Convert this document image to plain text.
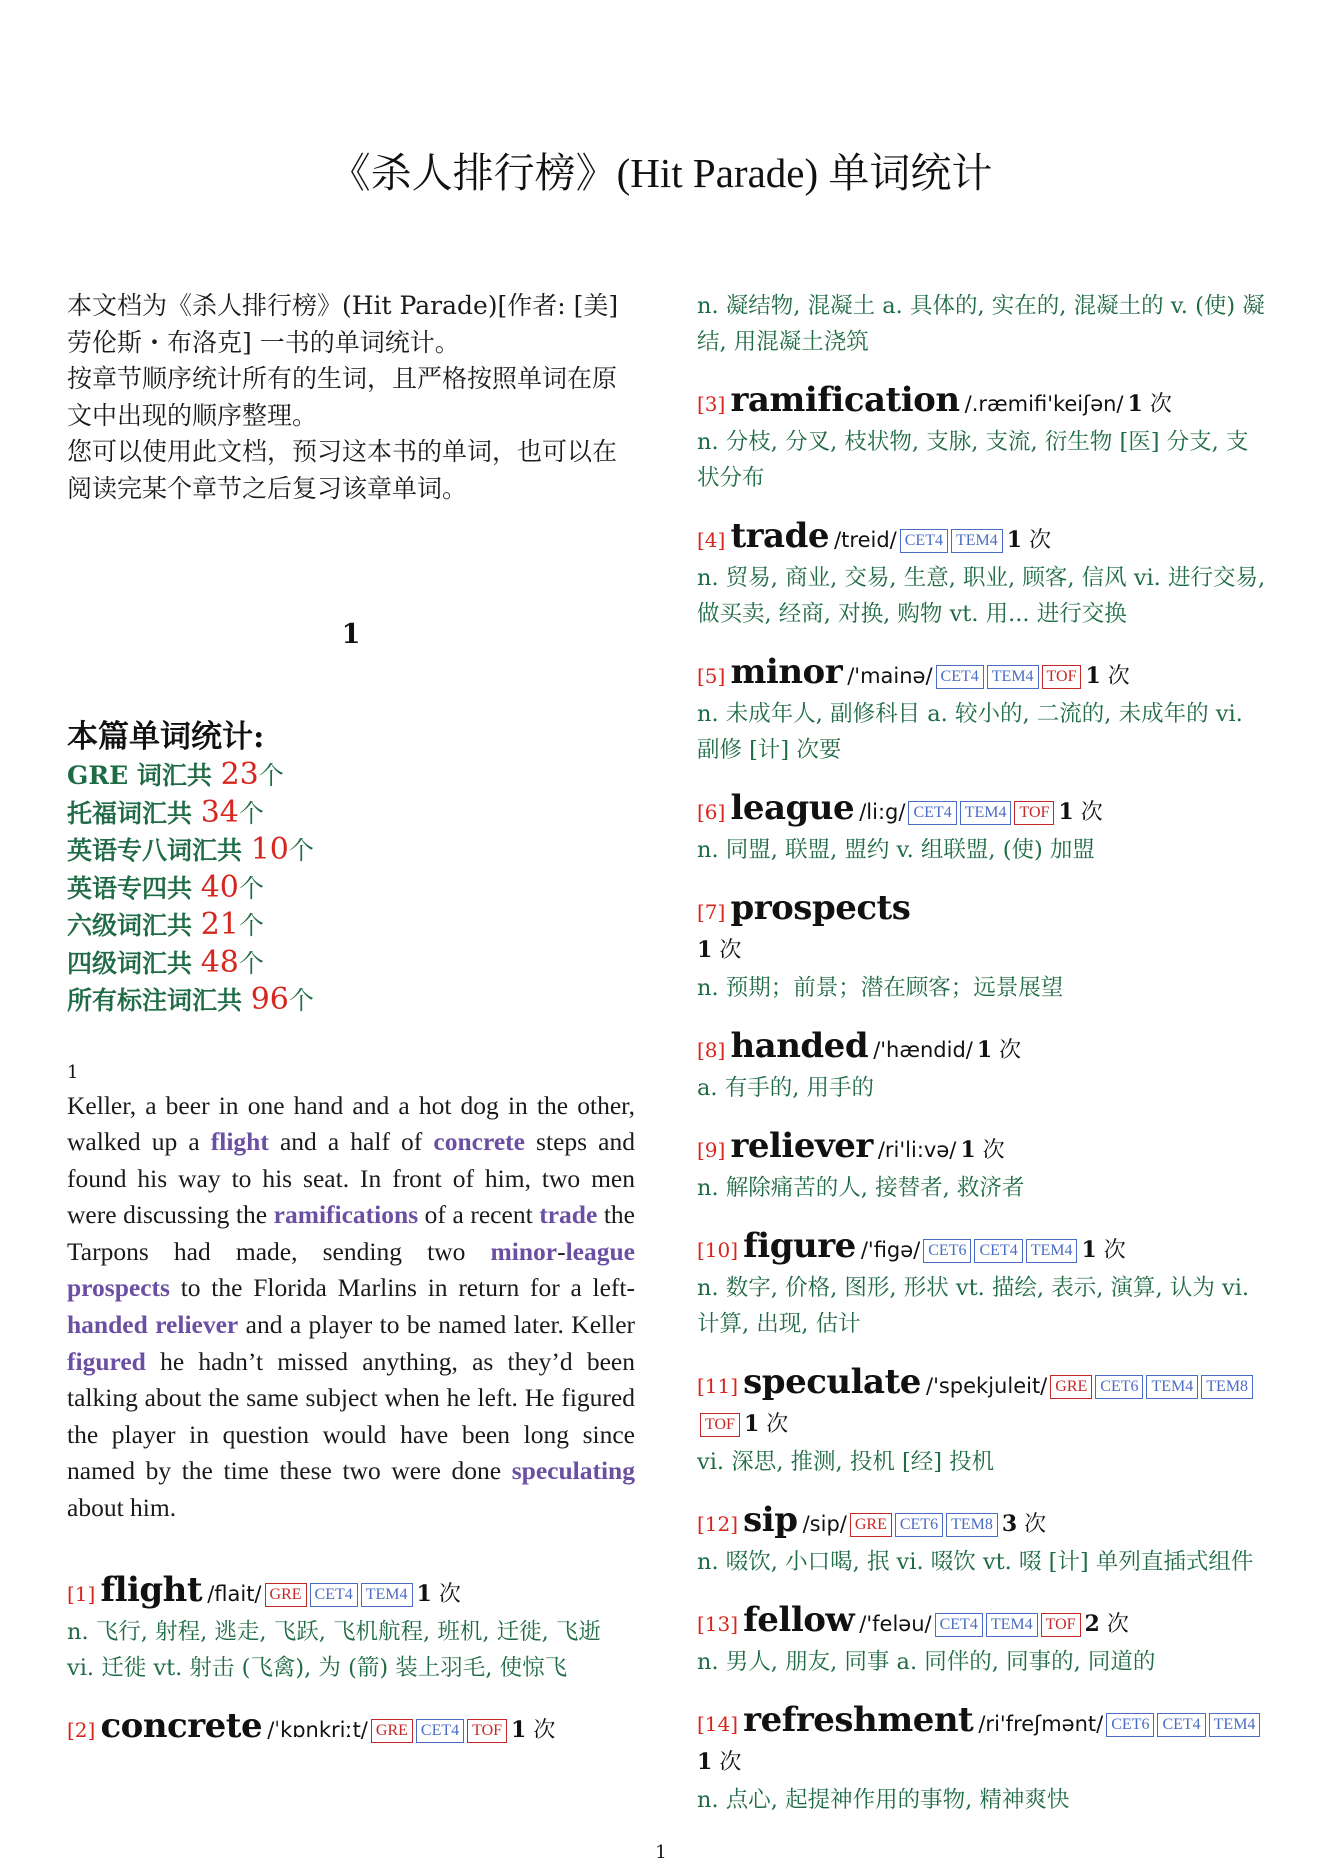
《杀人排行榜》(Hit Parade) 单词统计

本文档为《杀人排行榜》(Hit Parade)[作者: [美] 劳伦斯・布洛克] 一书的单词统计。

按章节顺序统计所有的生词，且严格按照单词在原文中出现的顺序整理。

您可以使用此文档，预习这本书的单词，也可以在阅读完某个章节之后复习该章单词。

1
本篇单词统计:
GRE 词汇共 23个
托福词汇共 34个
英语专八词汇共 10个
英语专四共 40个
六级词汇共 21个
四级词汇共 48个
所有标注词汇共 96个
1

Keller, a beer in one hand and a hot dog in the other, walked up a flight and a half of concrete steps and found his way to his seat. In front of him, two men were discussing the ramifications of a recent trade the Tarpons had made, sending two minor-league prospects to the Florida Marlins in return for a left-handed reliever and a player to be named later. Keller figured he hadn’t missed anything, as they’d been talking about the same subject when he left. He figured the player in question would have been long since named by the time these two were done speculating about him.

[1] flight /flait/ GRE CET4 TEM4 1 次

n. 飞行, 射程, 逃走, 飞跃, 飞机航程, 班机, 迁徙, 飞逝 vi. 迁徙 vt. 射击 (飞禽), 为 (箭) 装上羽毛, 使惊飞

[2] concrete /ˈkɒnkriːt/ GRE CET4 TOF 1 次

n. 凝结物, 混凝土 a. 具体的, 实在的, 混凝土的 v. (使) 凝结, 用混凝土浇筑

[3] ramification /.ræmifi'keiʃən/ 1 次

n. 分枝, 分叉, 枝状物, 支脉, 支流, 衍生物 [医] 分支, 支状分布

[4] trade /treid/ CET4 TEM4 1 次

n. 贸易, 商业, 交易, 生意, 职业, 顾客, 信风 vi. 进行交易, 做买卖, 经商, 对换, 购物 vt. 用... 进行交换

[5] minor /'mainə/ CET4 TEM4 TOF 1 次

n. 未成年人, 副修科目 a. 较小的, 二流的, 未成年的 vi. 副修 [计] 次要

[6] league /li:g/ CET4 TEM4 TOF 1 次

n. 同盟, 联盟, 盟约 v. 组联盟, (使) 加盟

[7] prospects
1 次

n. 预期；前景；潜在顾客；远景展望

[8] handed /'hændid/ 1 次

a. 有手的, 用手的

[9] reliever /ri'li:və/ 1 次

n. 解除痛苦的人, 接替者, 救济者

[10] figure /'figə/ CET6 CET4 TEM4 1 次

n. 数字, 价格, 图形, 形状 vt. 描绘, 表示, 演算, 认为 vi. 计算, 出现, 估计

[11] speculate /'spekjuleit/ GRE CET6 TEM4 TEM8TOF 1 次

vi. 深思, 推测, 投机 [经] 投机

[12] sip /sip/ GRE CET6 TEM8 3 次

n. 啜饮, 小口喝, 抿 vi. 啜饮 vt. 啜 [计] 单列直插式组件

[13] fellow /'feləu/ CET4 TEM4 TOF 2 次

n. 男人, 朋友, 同事 a. 同伴的, 同事的, 同道的

[14] refreshment /ri'freʃmənt/ CET6 CET4 TEM4
1 次

n. 点心, 起提神作用的事物, 精神爽快

1
